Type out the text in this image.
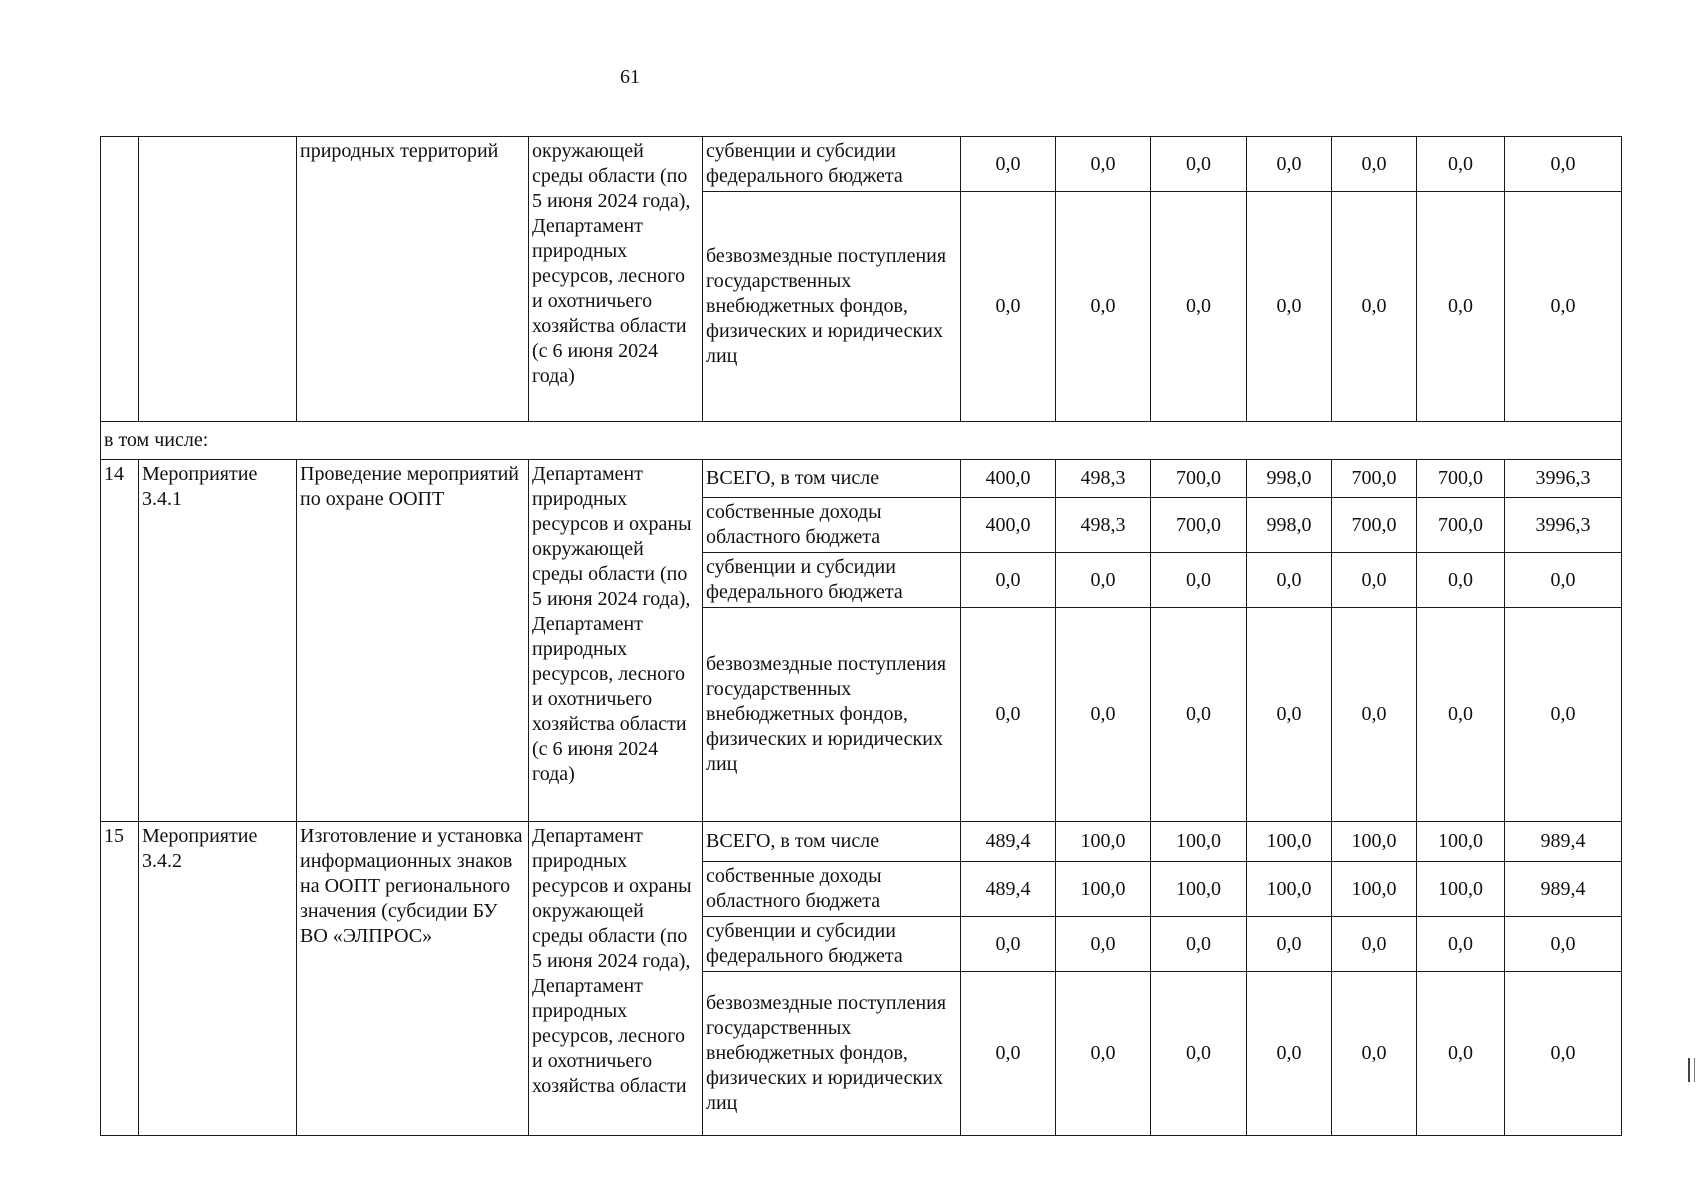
61
		природных территорий	окружающей среды области (по 5 июня 2024 года), Департамент природных ресурсов, лесного и охотничьего хозяйства области (с 6 июня 2024 года)	субвенции и субсидии федерального бюджета	0,0	0,0	0,0	0,0	0,0	0,0	0,0
				безвозмездные поступления государственных внебюджетных фондов, физических и юридических лиц	0,0	0,0	0,0	0,0	0,0	0,0	0,0
в том числе:											
14	Мероприятие 3.4.1	Проведение мероприятий по охране ООПТ	Департамент природных ресурсов и охраны окружающей среды области (по 5 июня 2024 года), Департамент природных ресурсов, лесного и охотничьего хозяйства области (с 6 июня 2024 года)	ВСЕГО, в том числе	400,0	498,3	700,0	998,0	700,0	700,0	3996,3
				собственные доходы областного бюджета	400,0	498,3	700,0	998,0	700,0	700,0	3996,3
				субвенции и субсидии федерального бюджета	0,0	0,0	0,0	0,0	0,0	0,0	0,0
				безвозмездные поступления государственных внебюджетных фондов, физических и юридических лиц	0,0	0,0	0,0	0,0	0,0	0,0	0,0
15	Мероприятие 3.4.2	Изготовление и установка информационных знаков на ООПТ регионального значения (субсидии БУ ВО «ЭЛПРОС»	Департамент природных ресурсов и охраны окружающей среды области (по 5 июня 2024 года), Департамент природных ресурсов, лесного и охотничьего хозяйства области	ВСЕГО, в том числе	489,4	100,0	100,0	100,0	100,0	100,0	989,4
				собственные доходы областного бюджета	489,4	100,0	100,0	100,0	100,0	100,0	989,4
				субвенции и субсидии федерального бюджета	0,0	0,0	0,0	0,0	0,0	0,0	0,0
				безвозмездные поступления государственных внебюджетных фондов, физических и юридических лиц	0,0	0,0	0,0	0,0	0,0	0,0	0,0
